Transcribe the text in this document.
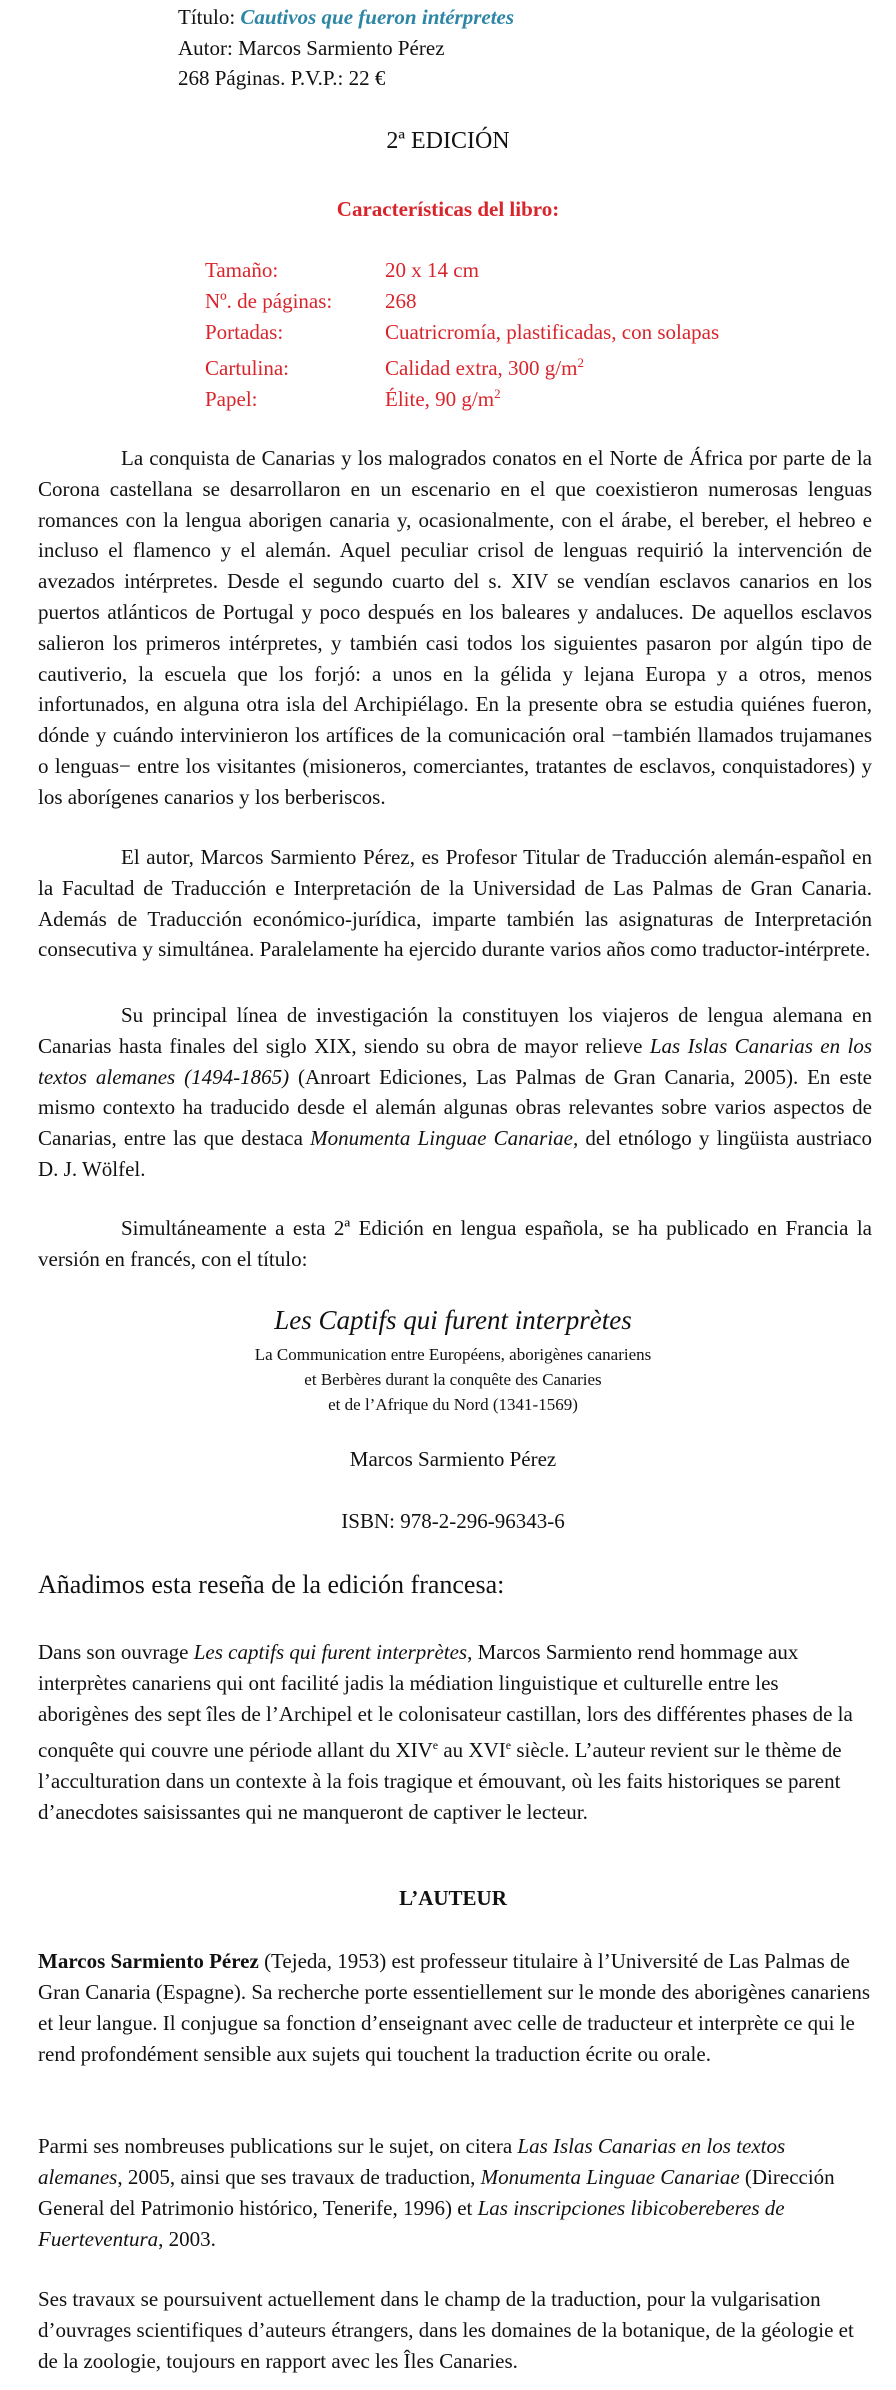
Título: Cautivos que fueron intérpretes
Autor: Marcos Sarmiento Pérez
268 Páginas. P.V.P.: 22 €
2ª EDICIÓN
Características del libro:
Tamaño:	20 x 14 cm
Nº. de páginas:	268
Portadas:	Cuatricromía, plastificadas, con solapas
Cartulina:	Calidad extra, 300 $g/m^2$
Papel:	Élite, 90 $g/m^2$
La conquista de Canarias y los malogrados conatos en el Norte de África por parte de la Corona castellana se desarrollaron en un escenario en el que coexistieron numerosas lenguas romances con la lengua aborigen canaria y, ocasionalmente, con el árabe, el bereber, el hebreo e incluso el flamenco y el alemán. Aquel peculiar crisol de lenguas requirió la intervención de avezados intérpretes. Desde el segundo cuarto del s. XIV se vendían esclavos canarios en los puertos atlánticos de Portugal y poco después en los baleares y andaluces. De aquellos esclavos salieron los primeros intérpretes, y también casi todos los siguientes pasaron por algún tipo de cautiverio, la escuela que los forjó: a unos en la gélida y lejana Europa y a otros, menos infortunados, en alguna otra isla del Archipiélago. En la presente obra se estudia quiénes fueron, dónde y cuándo intervinieron los artífices de la comunicación oral −también llamados trujamanes o lenguas− entre los visitantes (misioneros, comerciantes, tratantes de esclavos, conquistadores) y los aborígenes canarios y los berberiscos.
El autor, Marcos Sarmiento Pérez, es Profesor Titular de Traducción alemán-español en la Facultad de Traducción e Interpretación de la Universidad de Las Palmas de Gran Canaria. Además de Traducción económico-jurídica, imparte también las asignaturas de Interpretación consecutiva y simultánea. Paralelamente ha ejercido durante varios años como traductor-intérprete.
Su principal línea de investigación la constituyen los viajeros de lengua alemana en Canarias hasta finales del siglo XIX, siendo su obra de mayor relieve Las Islas Canarias en los textos alemanes (1494-1865) (Anroart Ediciones, Las Palmas de Gran Canaria, 2005). En este mismo contexto ha traducido desde el alemán algunas obras relevantes sobre varios aspectos de Canarias, entre las que destaca Monumenta Linguae Canariae, del etnólogo y lingüista austriaco D. J. Wölfel.
Simultáneamente a esta 2ª Edición en lengua española, se ha publicado en Francia la versión en francés, con el título:
Les Captifs qui furent interprètes
La Communication entre Européens, aborigènes canariens
et Berbères durant la conquête des Canaries
et de l’Afrique du Nord (1341-1569)
Marcos Sarmiento Pérez
ISBN: 978-2-296-96343-6
Añadimos esta reseña de la edición francesa:
Dans son ouvrage Les captifs qui furent interprètes, Marcos Sarmiento rend hommage aux interprètes canariens qui ont facilité jadis la médiation linguistique et culturelle entre les aborigènes des sept îles de l’Archipel et le colonisateur castillan, lors des différentes phases de la conquête qui couvre une période allant du XIVe au XVIe siècle. L’auteur revient sur le thème de l’acculturation dans un contexte à la fois tragique et émouvant, où les faits historiques se parent d’anecdotes saisissantes qui ne manqueront de captiver le lecteur.
L’AUTEUR
Marcos Sarmiento Pérez (Tejeda, 1953) est professeur titulaire à l’Université de Las Palmas de Gran Canaria (Espagne). Sa recherche porte essentiellement sur le monde des aborigènes canariens et leur langue. Il conjugue sa fonction d’enseignant avec celle de traducteur et interprète ce qui le rend profondément sensible aux sujets qui touchent la traduction écrite ou orale.
Parmi ses nombreuses publications sur le sujet, on citera Las Islas Canarias en los textos alemanes, 2005, ainsi que ses travaux de traduction, Monumenta Linguae Canariae (Dirección General del Patrimonio histórico, Tenerife, 1996) et Las inscripciones libicobereberes de Fuerteventura, 2003.
Ses travaux se poursuivent actuellement dans le champ de la traduction, pour la vulgarisation d’ouvrages scientifiques d’auteurs étrangers, dans les domaines de la botanique, de la géologie et de la zoologie, toujours en rapport avec les Îles Canaries.
